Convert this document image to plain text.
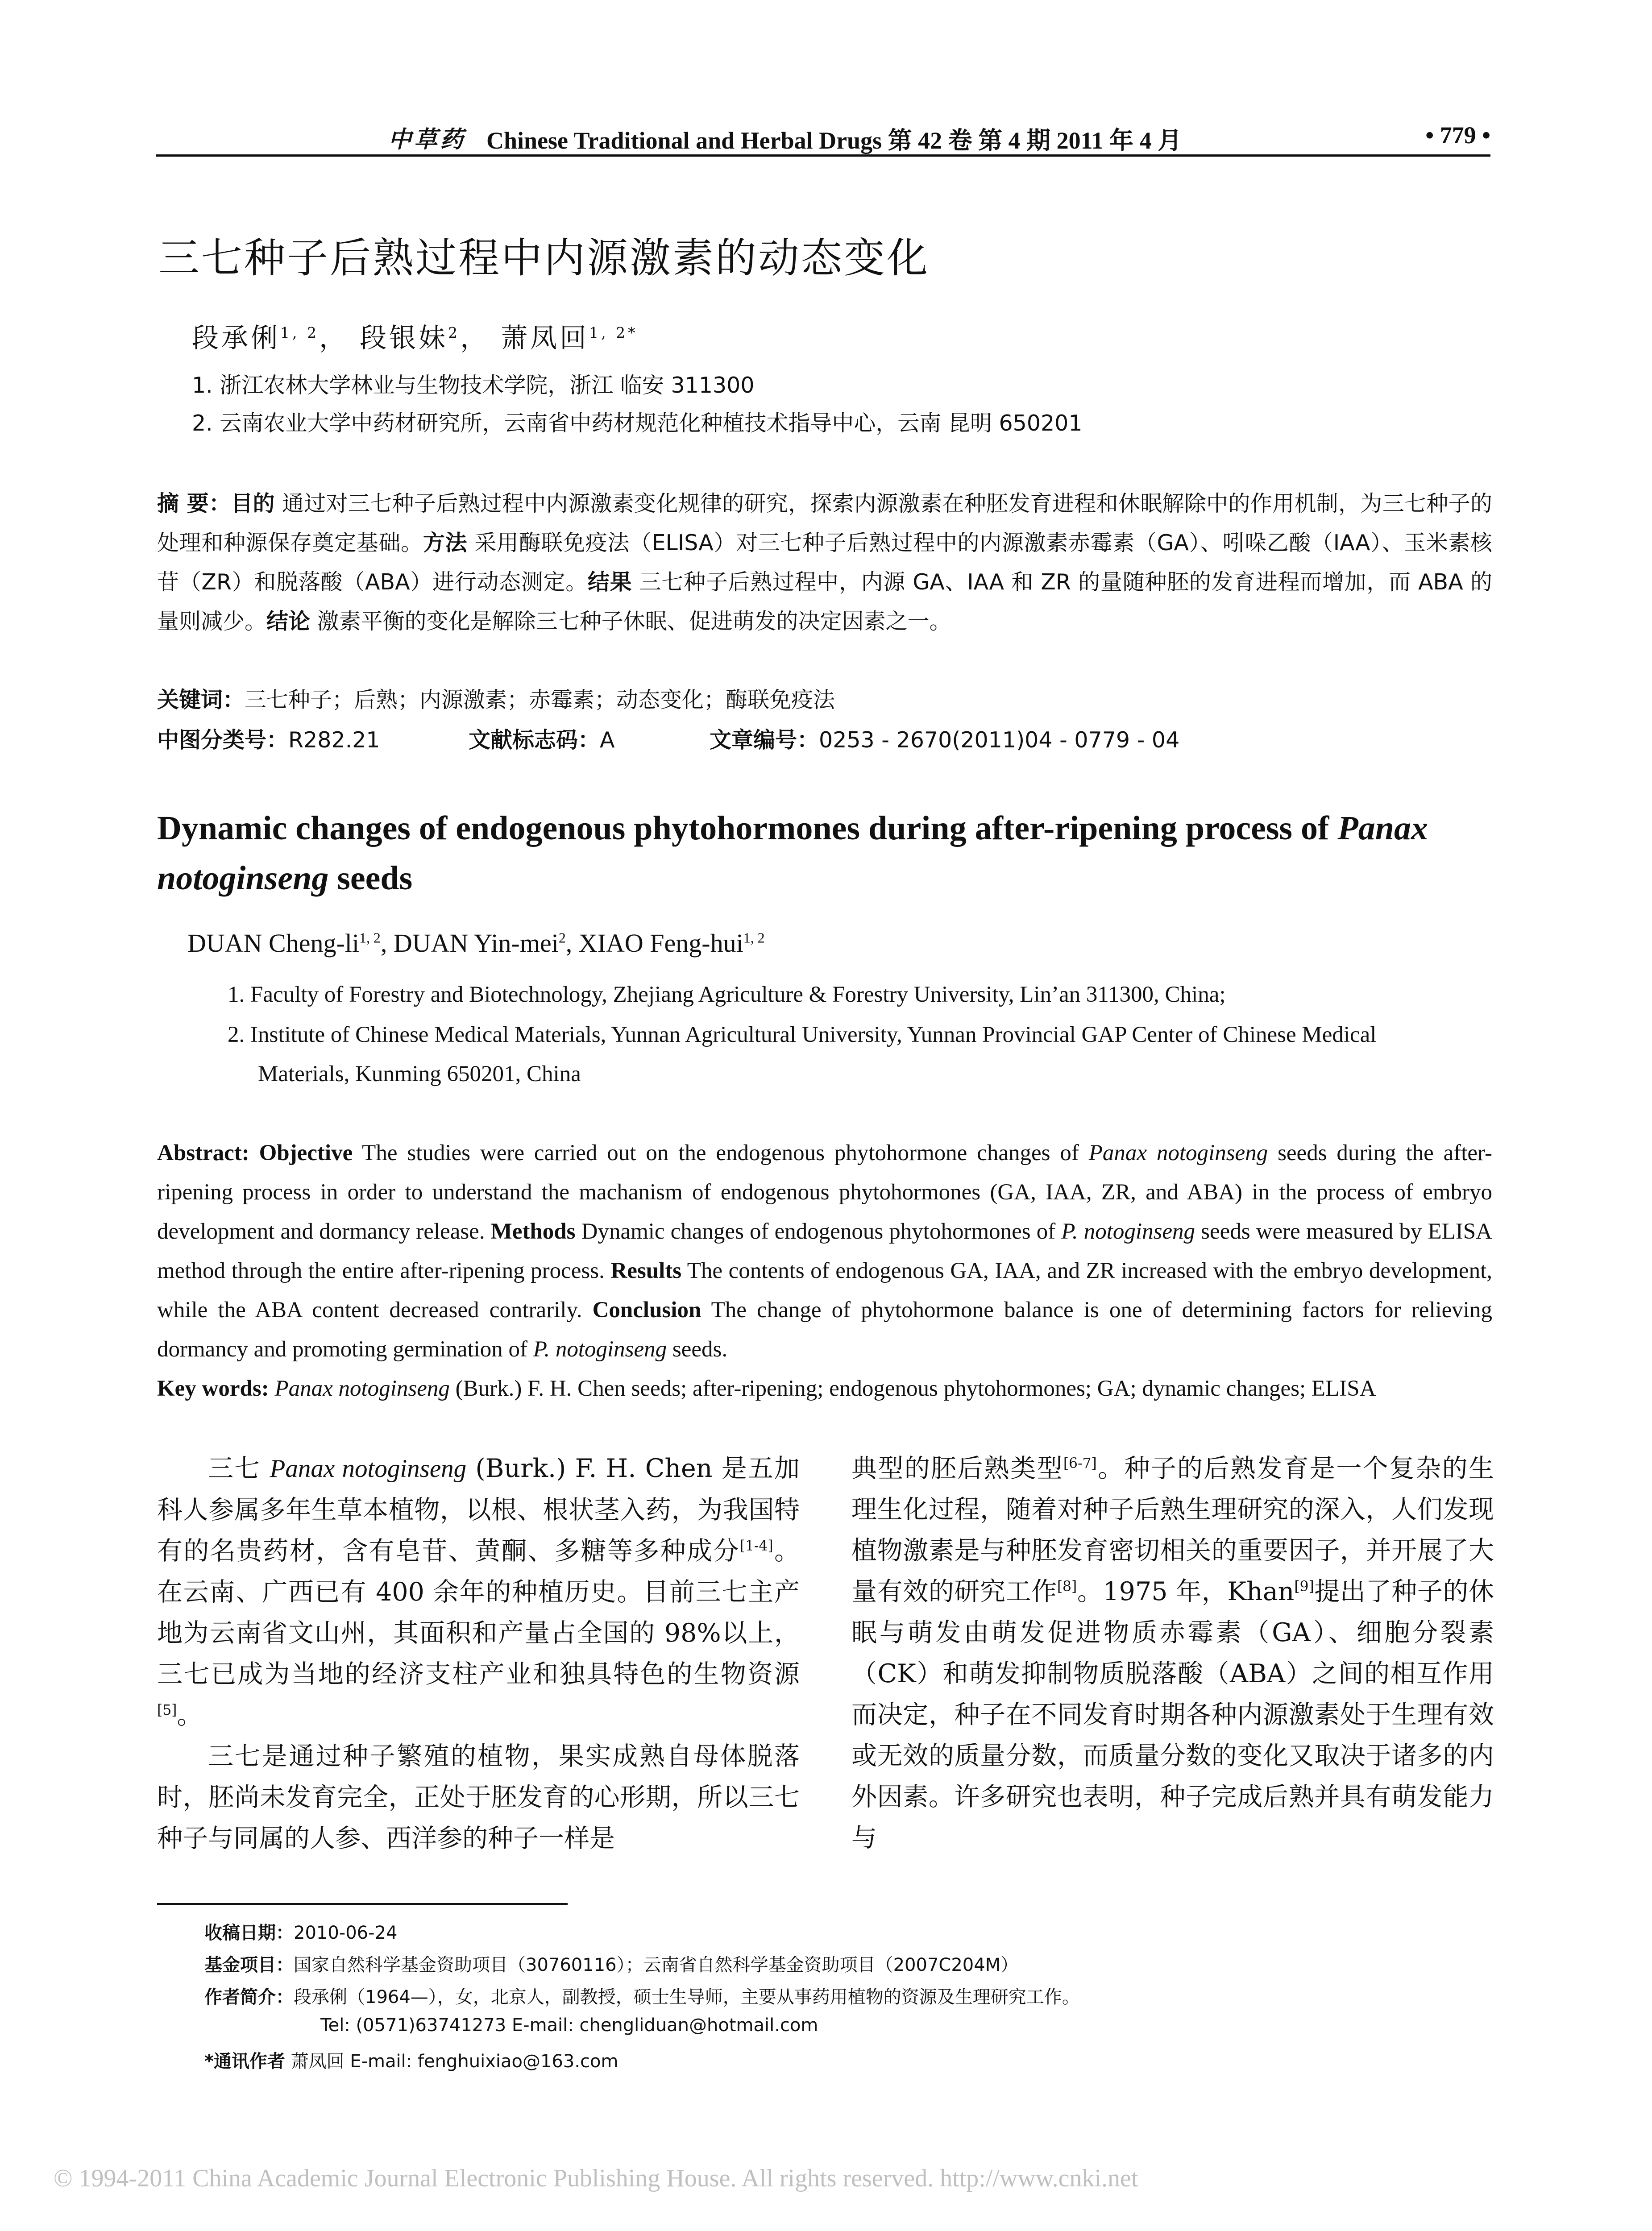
中草药 Chinese Traditional and Herbal Drugs 第 42 卷 第 4 期 2011 年 4 月	• 779 •
三七种子后熟过程中内源激素的动态变化
段承俐$^{1, 2}$， 段银妹$^2$， 萧凤回$^{1, 2*}$
1. 浙江农林大学林业与生物技术学院，浙江 临安 311300
2. 云南农业大学中药材研究所，云南省中药材规范化种植技术指导中心，云南 昆明 650201
摘 要：目的 通过对三七种子后熟过程中内源激素变化规律的研究，探索内源激素在种胚发育进程和休眠解除中的作用机制，为三七种子的处理和种源保存奠定基础。方法 采用酶联免疫法（ELISA）对三七种子后熟过程中的内源激素赤霉素（GA）、吲哚乙酸（IAA）、玉米素核苷（ZR）和脱落酸（ABA）进行动态测定。结果 三七种子后熟过程中，内源 GA、IAA 和 ZR 的量随种胚的发育进程而增加，而 ABA 的量则减少。结论 激素平衡的变化是解除三七种子休眠、促进萌发的决定因素之一。
关键词：三七种子；后熟；内源激素；赤霉素；动态变化；酶联免疫法
中图分类号：R282.21	文献标志码：A	文章编号：0253 - 2670(2011)04 - 0779 - 04
Dynamic changes of endogenous phytohormones during after-ripening process of Panax notoginseng seeds
DUAN Cheng-li$^{1, 2}$, DUAN Yin-mei$^2$, XIAO Feng-hui$^{1, 2}$
1. Faculty of Forestry and Biotechnology, Zhejiang Agriculture & Forestry University, Lin’an 311300, China;
2. Institute of Chinese Medical Materials, Yunnan Agricultural University, Yunnan Provincial GAP Center of Chinese Medical
Materials, Kunming 650201, China
Abstract: Objective The studies were carried out on the endogenous phytohormone changes of Panax notoginseng seeds during the after-ripening process in order to understand the machanism of endogenous phytohormones (GA, IAA, ZR, and ABA) in the process of embryo development and dormancy release. Methods Dynamic changes of endogenous phytohormones of P. notoginseng seeds were measured by ELISA method through the entire after-ripening process. Results The contents of endogenous GA, IAA, and ZR increased with the embryo development, while the ABA content decreased contrarily. Conclusion The change of phytohormone balance is one of determining factors for relieving dormancy and promoting germination of P. notoginseng seeds.
Key words: Panax notoginseng (Burk.) F. H. Chen seeds; after-ripening; endogenous phytohormones; GA; dynamic changes; ELISA

三七 Panax notoginseng (Burk.) F. H. Chen 是五加科人参属多年生草本植物，以根、根状茎入药，为我国特有的名贵药材，含有皂苷、黄酮、多糖等多种成分[1-4]。在云南、广西已有 400 余年的种植历史。目前三七主产地为云南省文山州，其面积和产量占全国的 98%以上，三七已成为当地的经济支柱产业和独具特色的生物资源[5]。

三七是通过种子繁殖的植物，果实成熟自母体脱落时，胚尚未发育完全，正处于胚发育的心形期，所以三七种子与同属的人参、西洋参的种子一样是

典型的胚后熟类型[6-7]。种子的后熟发育是一个复杂的生理生化过程，随着对种子后熟生理研究的深入，人们发现植物激素是与种胚发育密切相关的重要因子，并开展了大量有效的研究工作[8]。1975 年，Khan[9]提出了种子的休眠与萌发由萌发促进物质赤霉素（GA）、细胞分裂素（CK）和萌发抑制物质脱落酸（ABA）之间的相互作用而决定，种子在不同发育时期各种内源激素处于生理有效或无效的质量分数，而质量分数的变化又取决于诸多的内外因素。许多研究也表明，种子完成后熟并具有萌发能力与

收稿日期：2010-06-24
基金项目：国家自然科学基金资助项目（30760116）；云南省自然科学基金资助项目（2007C204M）
作者简介：段承俐（1964—），女，北京人，副教授，硕士生导师，主要从事药用植物的资源及生理研究工作。
Tel: (0571)63741273 E-mail: chengliduan@hotmail.com
*通讯作者 萧凤回 E-mail: fenghuixiao@163.com
© 1994-2011 China Academic Journal Electronic Publishing House. All rights reserved. http://www.cnki.net
